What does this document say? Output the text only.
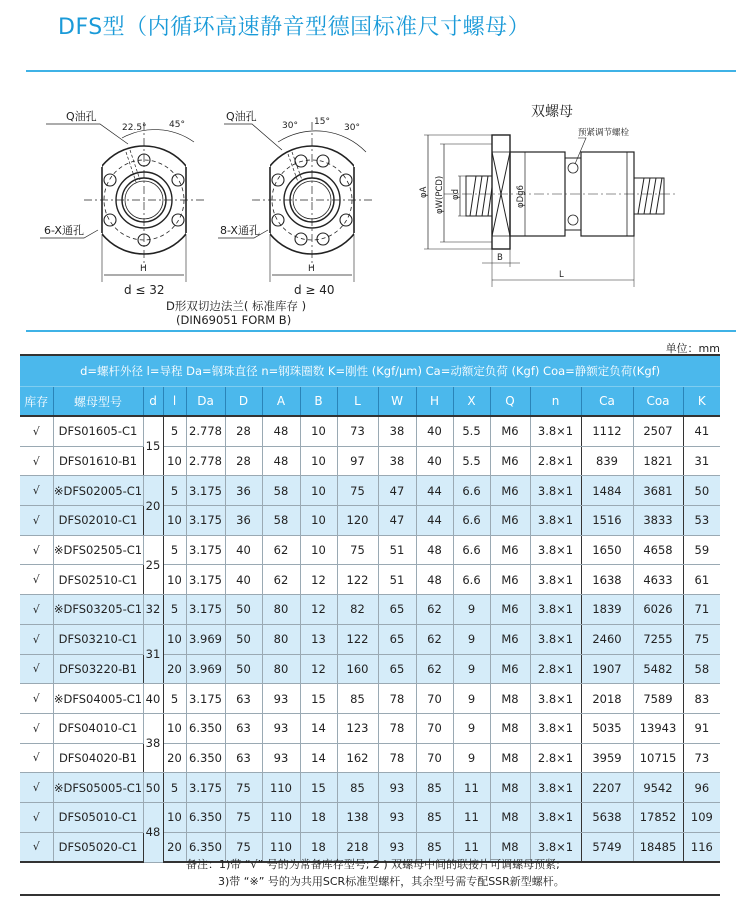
DFS型（内循环高速静音型德国标准尺寸螺母）
Q油孔
22.5° 45°
6-X通孔
H
d ≤ 32
Q油孔
30° 15°
30°
8-X通孔
H
d ≥ 40
D形双切边法兰( 标准库存 )
(DIN69051 FORM B)
双螺母
预紧调节螺栓
φA φW(PCD) φd	φDg6
B
L
单位：mm
d=螺杆外径 l=导程 Da=钢珠直径 n=钢珠圈数 K=刚性 (Kgf/μm) Ca=动额定负荷 (Kgf) Coa=静额定负荷(Kgf)																
库存	螺母型号	d	l	Da	D	A	B	L	W	H	X	Q	n	Ca	Coa	K
√	DFS01605-C1	15	5	2.778	28	48	10	73	38	40	5.5	M6	3.8×1	1112	2507	41
√	DFS01610-B1		10	2.778	28	48	10	97	38	40	5.5	M6	2.8×1	839	1821	31
√	※DFS02005-C1	20	5	3.175	36	58	10	75	47	44	6.6	M6	3.8×1	1484	3681	50
√	DFS02010-C1		10	3.175	36	58	10	120	47	44	6.6	M6	3.8×1	1516	3833	53
√	※DFS02505-C1	25	5	3.175	40	62	10	75	51	48	6.6	M6	3.8×1	1650	4658	59
√	DFS02510-C1		10	3.175	40	62	12	122	51	48	6.6	M6	3.8×1	1638	4633	61
√	※DFS03205-C1	32	5	3.175	50	80	12	82	65	62	9	M6	3.8×1	1839	6026	71
√	DFS03210-C1	31	10	3.969	50	80	13	122	65	62	9	M6	3.8×1	2460	7255	75
√	DFS03220-B1		20	3.969	50	80	12	160	65	62	9	M6	2.8×1	1907	5482	58
√	※DFS04005-C1	40	5	3.175	63	93	15	85	78	70	9	M8	3.8×1	2018	7589	83
√	DFS04010-C1	38	10	6.350	63	93	14	123	78	70	9	M8	3.8×1	5035	13943	91
√	DFS04020-B1		20	6.350	63	93	14	162	78	70	9	M8	2.8×1	3959	10715	73
√	※DFS05005-C1	50	5	3.175	75	110	15	85	93	85	11	M8	3.8×1	2207	9542	96
√	DFS05010-C1	48	10	6.350	75	110	18	138	93	85	11	M8	3.8×1	5638	17852	109
√	DFS05020-C1		20	6.350	75	110	18	218	93	85	11	M8	3.8×1	5749	18485	116
备注：1)带 “√” 号的为常备库存型号; 2 ) 双螺母中间的联接片可调螺母预紧;
3)带 “※” 号的为共用SCR标准型螺杆，其余型号需专配SSR新型螺杆。
